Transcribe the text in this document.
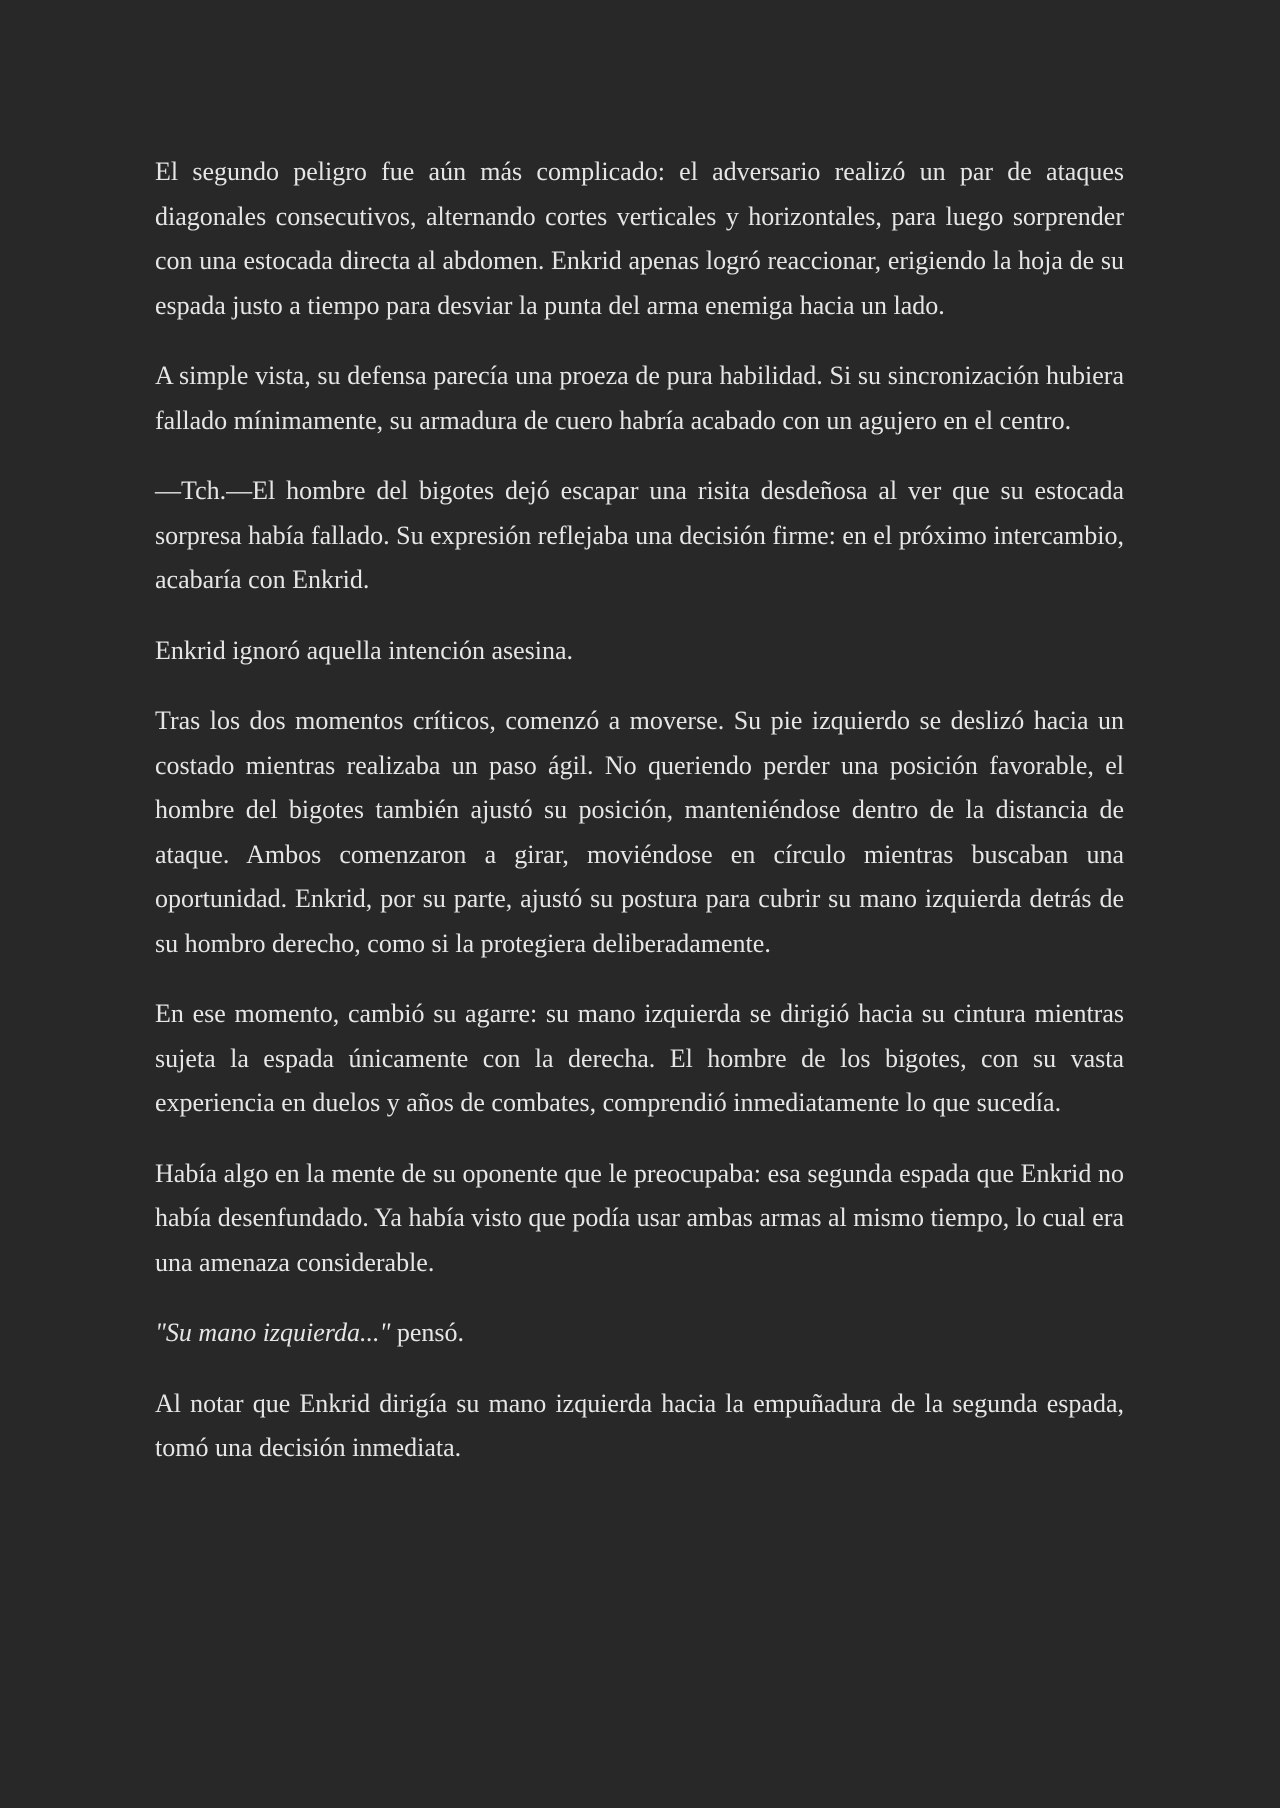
El segundo peligro fue aún más complicado: el adversario realizó un par de ataques diagonales consecutivos, alternando cortes verticales y horizontales, para luego sorprender con una estocada directa al abdomen. Enkrid apenas logró reaccionar, erigiendo la hoja de su espada justo a tiempo para desviar la punta del arma enemiga hacia un lado.

A simple vista, su defensa parecía una proeza de pura habilidad. Si su sincronización hubiera fallado mínimamente, su armadura de cuero habría acabado con un agujero en el centro.

—Tch.—El hombre del bigotes dejó escapar una risita desdeñosa al ver que su estocada sorpresa había fallado. Su expresión reflejaba una decisión firme: en el próximo intercambio, acabaría con Enkrid.

Enkrid ignoró aquella intención asesina.

Tras los dos momentos críticos, comenzó a moverse. Su pie izquierdo se deslizó hacia un costado mientras realizaba un paso ágil. No queriendo perder una posición favorable, el hombre del bigotes también ajustó su posición, manteniéndose dentro de la distancia de ataque. Ambos comenzaron a girar, moviéndose en círculo mientras buscaban una oportunidad. Enkrid, por su parte, ajustó su postura para cubrir su mano izquierda detrás de su hombro derecho, como si la protegiera deliberadamente.

En ese momento, cambió su agarre: su mano izquierda se dirigió hacia su cintura mientras sujeta la espada únicamente con la derecha. El hombre de los bigotes, con su vasta experiencia en duelos y años de combates, comprendió inmediatamente lo que sucedía.

Había algo en la mente de su oponente que le preocupaba: esa segunda espada que Enkrid no había desenfundado. Ya había visto que podía usar ambas armas al mismo tiempo, lo cual era una amenaza considerable.

"Su mano izquierda..." pensó.

Al notar que Enkrid dirigía su mano izquierda hacia la empuñadura de la segunda espada, tomó una decisión inmediata.
